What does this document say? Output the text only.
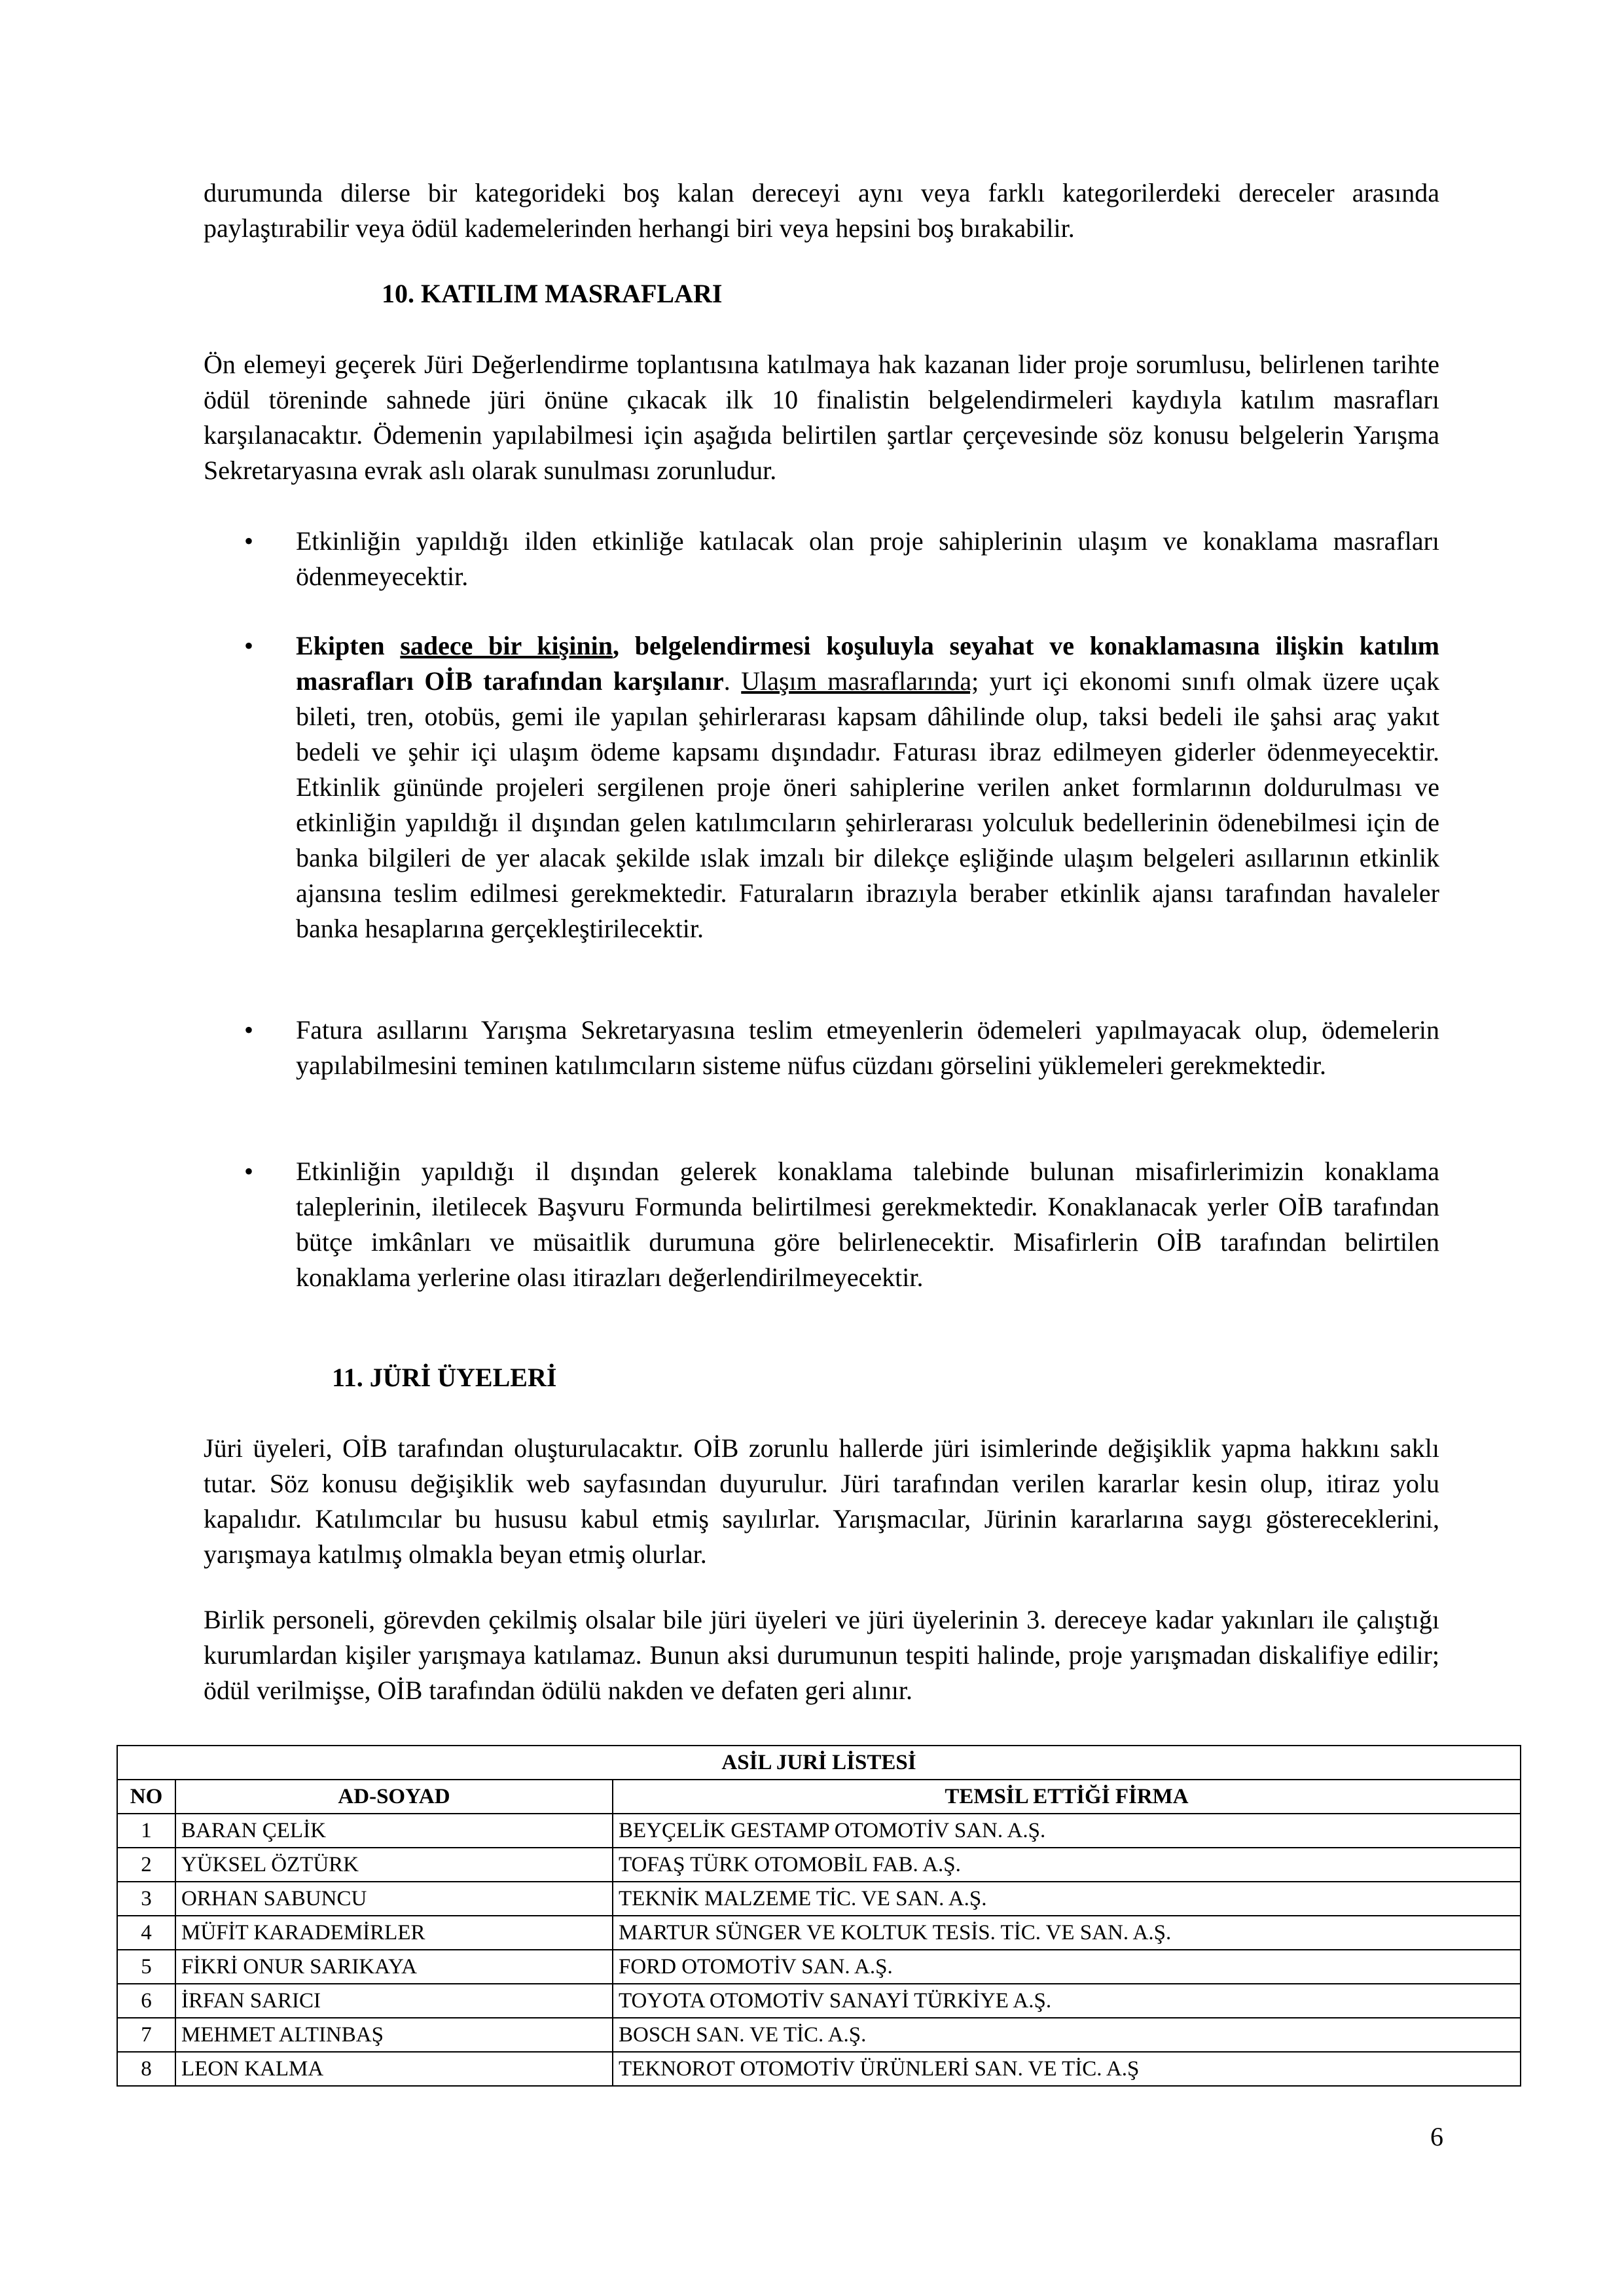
durumunda dilerse bir kategorideki boş kalan dereceyi aynı veya farklı kategorilerdeki dereceler arasında paylaştırabilir veya ödül kademelerinden herhangi biri veya hepsini boş bırakabilir.

10. KATILIM MASRAFLARI

Ön elemeyi geçerek Jüri Değerlendirme toplantısına katılmaya hak kazanan lider proje sorumlusu, belirlenen tarihte ödül töreninde sahnede jüri önüne çıkacak ilk 10 finalistin belgelendirmeleri kaydıyla katılım masrafları karşılanacaktır. Ödemenin yapılabilmesi için aşağıda belirtilen şartlar çerçevesinde söz konusu belgelerin Yarışma Sekretaryasına evrak aslı olarak sunulması zorunludur.

• Etkinliğin yapıldığı ilden etkinliğe katılacak olan proje sahiplerinin ulaşım ve konaklama masrafları ödenmeyecektir.

• Ekipten sadece bir kişinin, belgelendirmesi koşuluyla seyahat ve konaklamasına ilişkin katılım masrafları OİB tarafından karşılanır. Ulaşım masraflarında; yurt içi ekonomi sınıfı olmak üzere uçak bileti, tren, otobüs, gemi ile yapılan şehirlerarası kapsam dâhilinde olup, taksi bedeli ile şahsi araç yakıt bedeli ve şehir içi ulaşım ödeme kapsamı dışındadır. Faturası ibraz edilmeyen giderler ödenmeyecektir. Etkinlik gününde projeleri sergilenen proje öneri sahiplerine verilen anket formlarının doldurulması ve etkinliğin yapıldığı il dışından gelen katılımcıların şehirlerarası yolculuk bedellerinin ödenebilmesi için de banka bilgileri de yer alacak şekilde ıslak imzalı bir dilekçe eşliğinde ulaşım belgeleri asıllarının etkinlik ajansına teslim edilmesi gerekmektedir. Faturaların ibrazıyla beraber etkinlik ajansı tarafından havaleler banka hesaplarına gerçekleştirilecektir.

• Fatura asıllarını Yarışma Sekretaryasına teslim etmeyenlerin ödemeleri yapılmayacak olup, ödemelerin yapılabilmesini teminen katılımcıların sisteme nüfus cüzdanı görselini yüklemeleri gerekmektedir.

• Etkinliğin yapıldığı il dışından gelerek konaklama talebinde bulunan misafirlerimizin konaklama taleplerinin, iletilecek Başvuru Formunda belirtilmesi gerekmektedir. Konaklanacak yerler OİB tarafından bütçe imkânları ve müsaitlik durumuna göre belirlenecektir. Misafirlerin OİB tarafından belirtilen konaklama yerlerine olası itirazları değerlendirilmeyecektir.

11. JÜRİ ÜYELERİ

Jüri üyeleri, OİB tarafından oluşturulacaktır. OİB zorunlu hallerde jüri isimlerinde değişiklik yapma hakkını saklı tutar. Söz konusu değişiklik web sayfasından duyurulur. Jüri tarafından verilen kararlar kesin olup, itiraz yolu kapalıdır. Katılımcılar bu hususu kabul etmiş sayılırlar. Yarışmacılar, Jürinin kararlarına saygı göstereceklerini, yarışmaya katılmış olmakla beyan etmiş olurlar.

Birlik personeli, görevden çekilmiş olsalar bile jüri üyeleri ve jüri üyelerinin 3. dereceye kadar yakınları ile çalıştığı kurumlardan kişiler yarışmaya katılamaz. Bunun aksi durumunun tespiti halinde, proje yarışmadan diskalifiye edilir; ödül verilmişse, OİB tarafından ödülü nakden ve defaten geri alınır.

ASİL JURİ LİSTESİ		
NO	AD-SOYAD	TEMSİL ETTİĞİ FİRMA
1	BARAN ÇELİK	BEYÇELİK GESTAMP OTOMOTİV SAN. A.Ş.
2	YÜKSEL ÖZTÜRK	TOFAŞ TÜRK OTOMOBİL FAB. A.Ş.
3	ORHAN SABUNCU	TEKNİK MALZEME TİC. VE SAN. A.Ş.
4	MÜFİT KARADEMİRLER	MARTUR SÜNGER VE KOLTUK TESİS. TİC. VE SAN. A.Ş.
5	FİKRİ ONUR SARIKAYA	FORD OTOMOTİV SAN. A.Ş.
6	İRFAN SARICI	TOYOTA OTOMOTİV SANAYİ TÜRKİYE A.Ş.
7	MEHMET ALTINBAŞ	BOSCH SAN. VE TİC. A.Ş.
8	LEON KALMA	TEKNOROT OTOMOTİV ÜRÜNLERİ SAN. VE TİC. A.Ş
6
